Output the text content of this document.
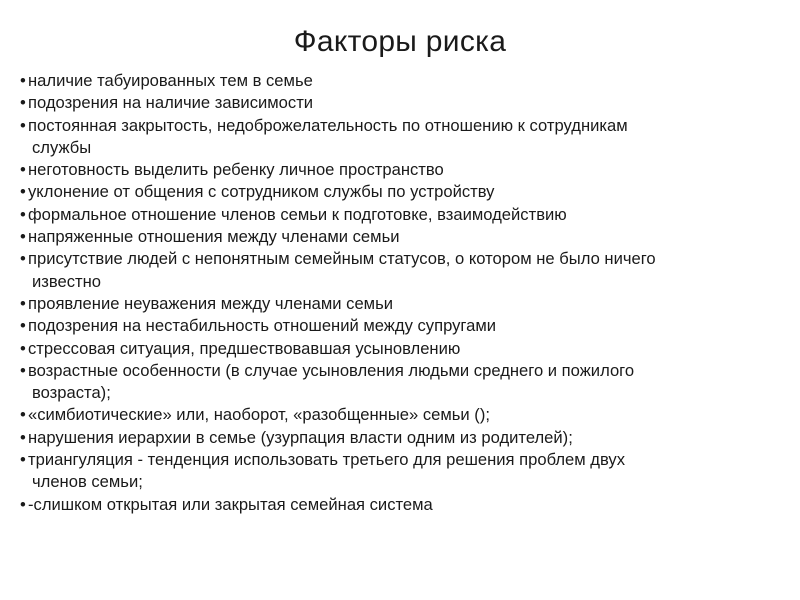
Факторы риска
• наличие табуированных тем в семье
• подозрения на наличие зависимости
• постоянная закрытость, недоброжелательность по отношению к сотрудникам
службы
• неготовность выделить ребенку личное пространство
• уклонение от общения с сотрудником службы по устройству
• формальное отношение членов семьи к подготовке, взаимодействию
• напряженные отношения между членами семьи
• присутствие людей с непонятным семейным статусов, о котором не было ничего
известно
• проявление неуважения между членами семьи
• подозрения на нестабильность отношений между супругами
• стрессовая ситуация, предшествовавшая усыновлению
• возрастные особенности (в случае усыновления людьми среднего и пожилого
возраста);
• «симбиотические» или, наоборот, «разобщенные» семьи ();
• нарушения иерархии в семье (узурпация власти одним из родителей);
• триангуляция - тенденция использовать третьего для решения проблем двух
членов семьи;
• -слишком открытая или закрытая семейная система
